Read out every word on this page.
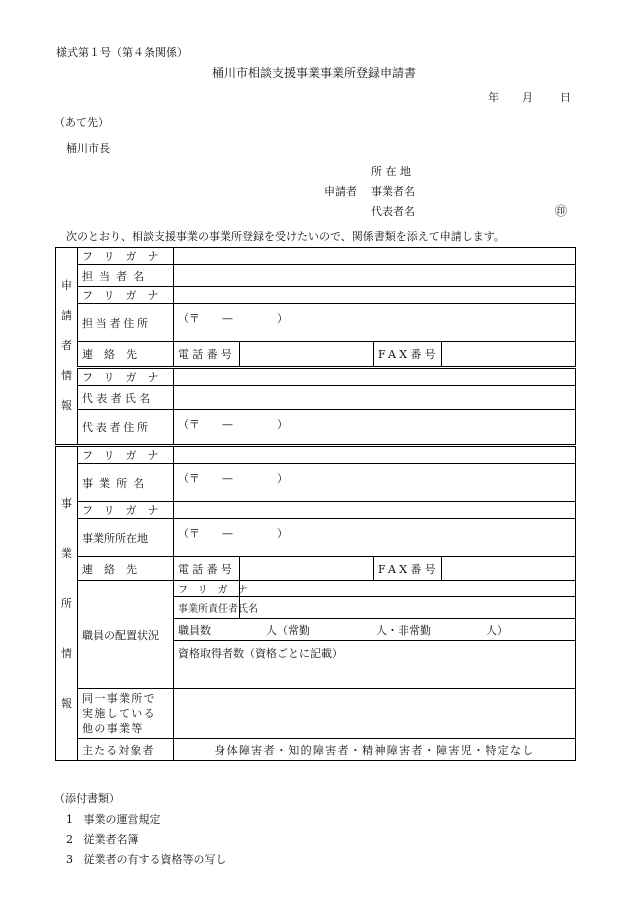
様式第１号（第４条関係）
桶川市相談支援事業事業所登録申請書
年 月 日
（あて先）
桶川市長
所 在 地
申請者 事業者名
代表者名	㊞
次のとおり、相談支援事業の事業所登録を受けたいので、関係書類を添えて申請します。
申
請
者
情
報	フリガナ				
	担当者名				
	フリガナ				
	担当者住所	（〒　　—　　　　）			
	連絡先	電話番号		FAX番号	
	フリガナ				
	代表者氏名				
	代表者住所	（〒　　—　　　　）			

事
業
所
情
報	フリガナ				
	事業所名	（〒　　—　　　　）			
	フリガナ				
	事業所所在地	（〒　　—　　　　）			
	連絡先	電話番号		FAX番号	
	職員の配置状況	フリガナ			
		事業所責任者氏名			
		職員数　　　　　人（常勤　　　　　　人・非常勤　　　　　人）			
		資格取得者数（資格ごとに記載）			

	同一事業所で
実施している
他の事業等				

	主たる対象者	身体障害者・知的障害者・精神障害者・障害児・特定なし			
（添付書類）
1 事業の運営規定
2 従業者名簿
3 従業者の有する資格等の写し
